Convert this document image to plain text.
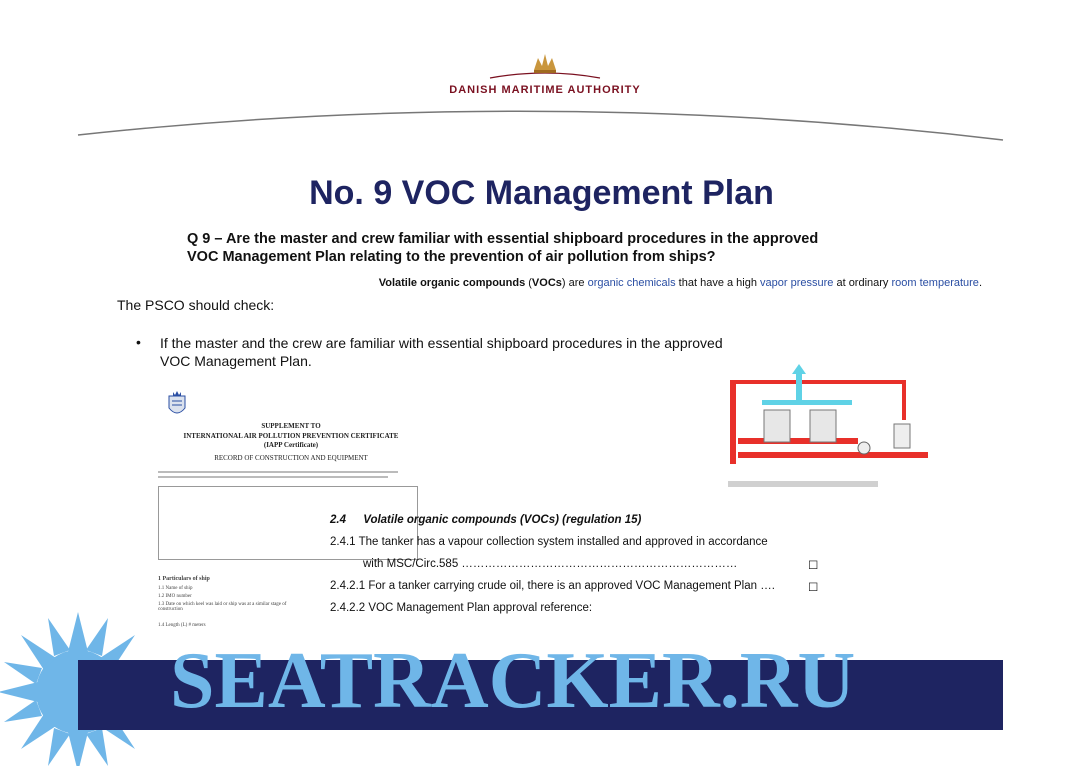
DANISH MARITIME AUTHORITY
No. 9 VOC Management Plan
Q 9 – Are the master and crew familiar with essential shipboard procedures in the approved
VOC Management Plan relating to the prevention of air pollution from ships?
Volatile organic compounds (VOCs) are organic chemicals that have a high vapor pressure at ordinary room temperature.
The PSCO should check:
• If the master and the crew are familiar with essential shipboard procedures in the approved
VOC Management Plan.
SUPPLEMENT TO
INTERNATIONAL AIR POLLUTION PREVENTION CERTIFICATE
(IAPP Certificate)
RECORD OF CONSTRUCTION AND EQUIPMENT
1 Particulars of ship
1.1 Name of ship
1.2 IMO number
1.3 Date on which keel was laid or ship was at a similar stage of construction
1.4 Length (L) # meters
2.4 Volatile organic compounds (VOCs) (regulation 15)
2.4.1 The tanker has a vapour collection system installed and approved in accordance
with MSC/Circ.585 ………………………………………………………………	☐
2.4.2.1 For a tanker carrying crude oil, there is an approved VOC Management Plan ….	☐
2.4.2.2 VOC Management Plan approval reference:
SEATRACKER.RU
